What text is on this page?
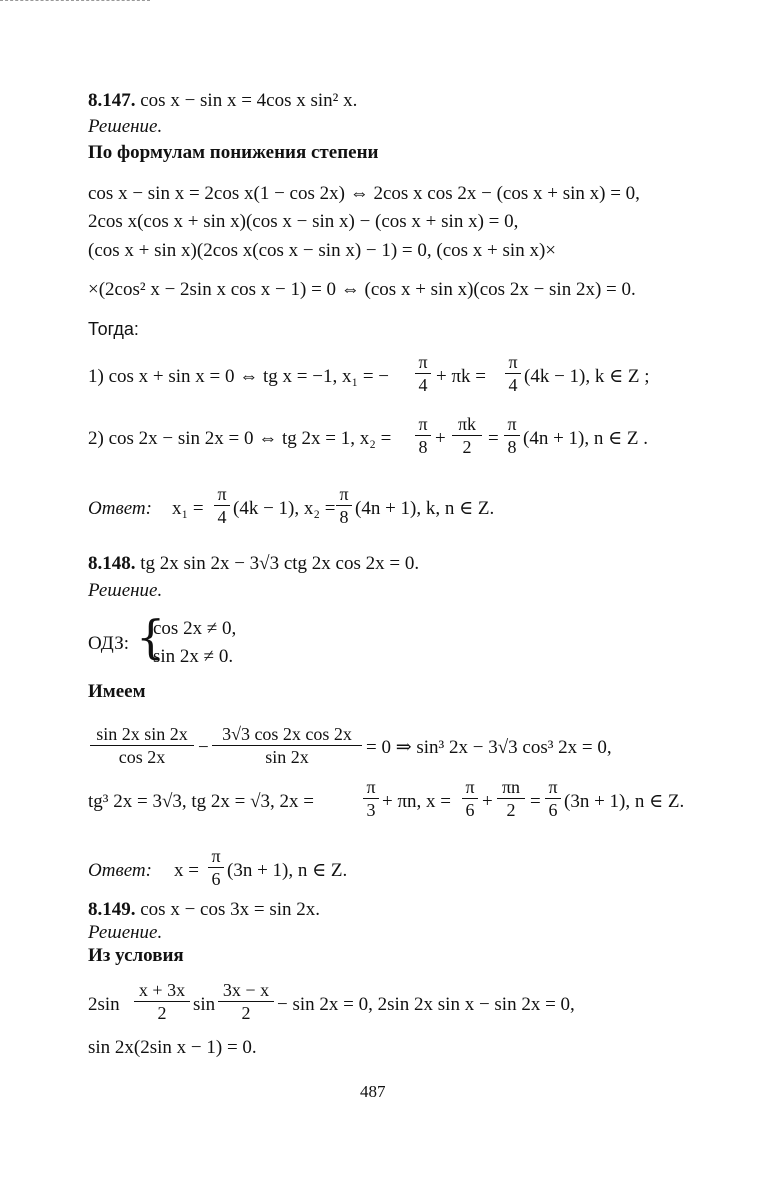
8.147. cos x − sin x = 4cos x sin² x.
Решение.
По формулам понижения степени
cos x − sin x = 2cos x(1 − cos 2x) ⇔ 2cos x cos 2x − (cos x + sin x) = 0,
2cos x(cos x + sin x)(cos x − sin x) − (cos x + sin x) = 0,
(cos x + sin x)(2cos x(cos x − sin x) − 1) = 0, (cos x + sin x)×
×(2cos² x − 2sin x cos x − 1) = 0 ⇔ (cos x + sin x)(cos 2x − sin 2x) = 0.
Тогда:
1) cos x + sin x = 0 ⇔ tg x = −1, x₁ = − $\frac{\pi}{4} + \pi k = \frac{\pi}{4} (4k - 1)$, k ∈ Z ;
2) cos 2x − sin 2x = 0 ⇔ tg 2x = 1, $x_2 = \frac{\pi}{8} + \frac{\pi k}{2} = \frac{\pi}{8} (4n + 1)$, n ∈ Z .
Ответ: $x_1 = \frac{\pi}{4} (4k - 1)$, $x_2 = \frac{\pi}{8} (4n + 1)$, k, n ∈ Z.
8.148. tg 2x sin 2x − 3√3 ctg 2x cos 2x = 0.
Решение.
ОДЗ: {
cos 2x ≠ 0,
sin 2x ≠ 0.
Имеем
$\frac{\text{sin 2x sin 2x}}{\cos 2x} - \frac{\text{3√3 cos 2x cos 2x}}{\sin 2x} = 0$ ⇒ sin³ 2x − 3√3 cos³ 2x = 0,
tg³ 2x = 3√3, tg 2x = √3, 2x =	$\frac{\pi}{3} + \pi n$, $x = \frac{\pi}{6} + \frac{\pi n}{2} = \frac{\pi}{6} (3n + 1)$, n ∈ Z.
Ответ: $x = \frac{\pi}{6} (3n + 1)$, n ∈ Z.
8.149. cos x − cos 3x = sin 2x.
Решение.
Из условия
$2\sin \frac{x + 3x}{2}$ $\sin \frac{3x - x}{2} - \sin 2x = 0$, 2sin 2x sin x − sin 2x = 0,
sin 2x(2sin x − 1) = 0.
487
